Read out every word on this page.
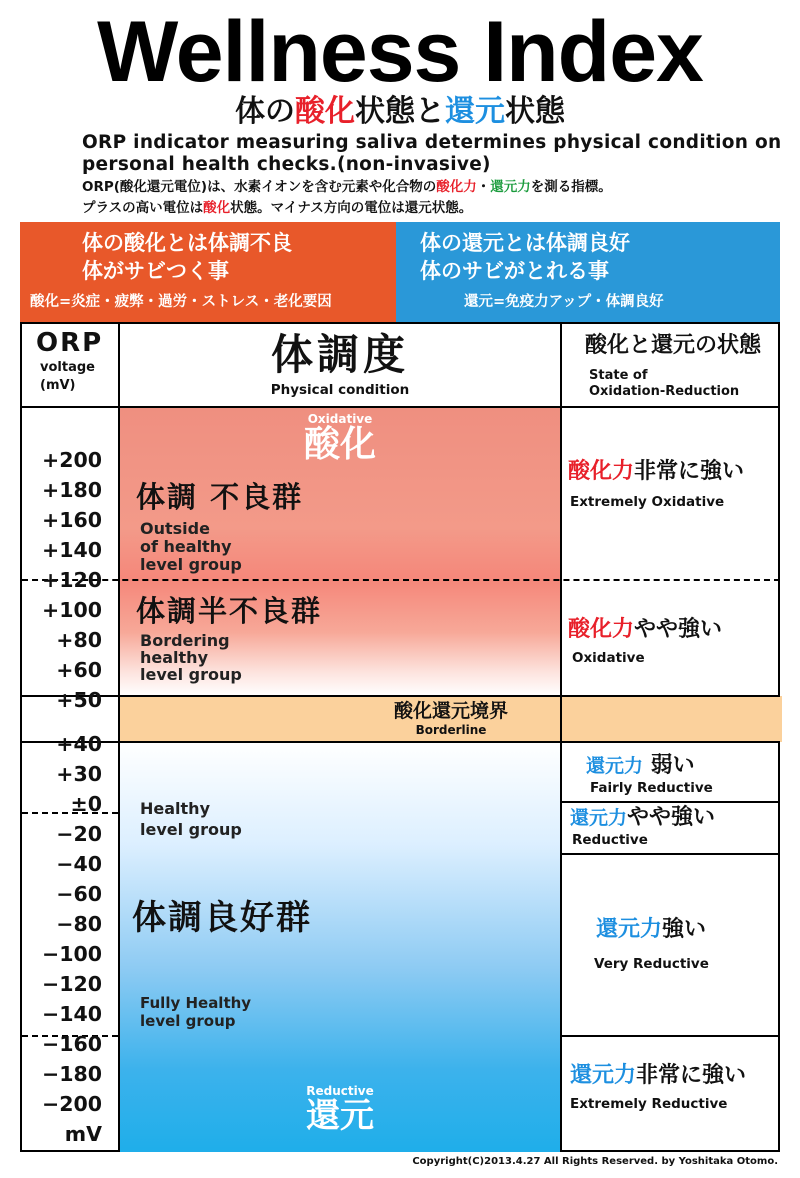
Wellness Index
体の酸化状態と還元状態
ORP indicator measuring saliva determines physical condition on personal health checks.(non-invasive)
ORP(酸化還元電位)は、水素イオンを含む元素や化合物の酸化力・還元力を測る指標。
プラスの高い電位は酸化状態。マイナス方向の電位は還元状態。
体の酸化とは体調不良
体がサビつく事
酸化=炎症・疲弊・過労・ストレス・老化要因
体の還元とは体調良好
体のサビがとれる事
還元=免疫力アップ・体調良好
ORP
voltage
(mV)
体調度
Physical condition
酸化と還元の状態
State of
Oxidation-Reduction
+200
+180
+160
+140
+120
+100
+80
+60
+50
+40
+30
±0
−20
−40
−60
−80
−100
−120
−140
−160
−180
−200
mV
Oxidative
酸化
体調 不良群
Outside
of healthy
level group
体調半不良群
Bordering
healthy
level group
酸化還元境界
Borderline
Healthy
level group
体調良好群
Fully Healthy
level group
Reductive
還元
酸化力非常に強い
Extremely Oxidative
酸化力やや強い
Oxidative
還元力 弱い
Fairly Reductive
還元力やや強い
Reductive
還元力強い
Very Reductive
還元力非常に強い
Extremely Reductive
Copyright(C)2013.4.27 All Rights Reserved. by Yoshitaka Otomo.
